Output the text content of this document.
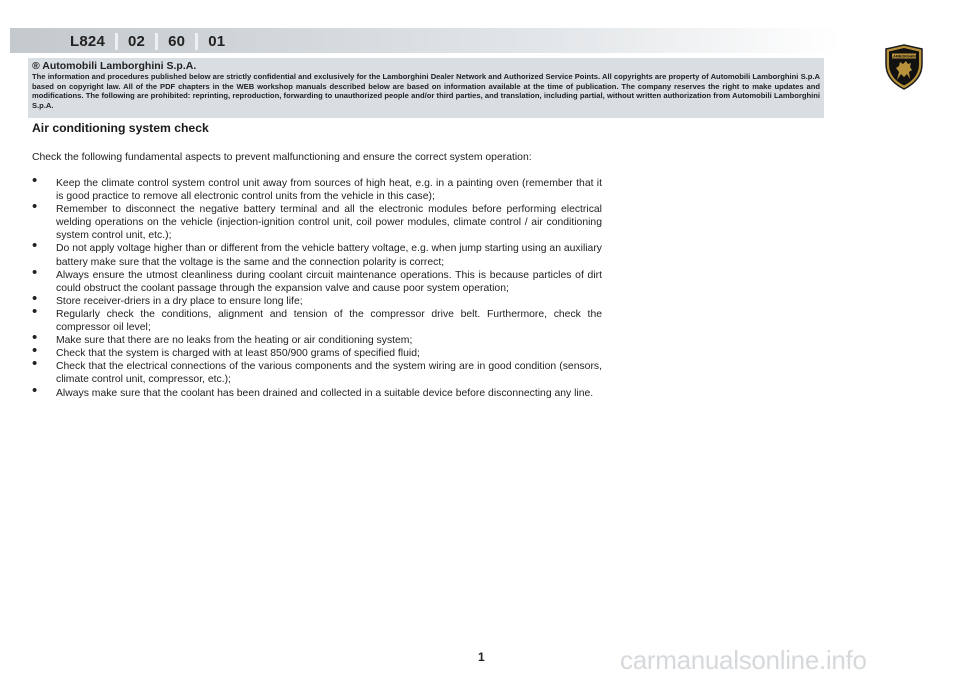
L824 02 60 01
LAMBORGHINI
® Automobili Lamborghini S.p.A.
The information and procedures published below are strictly confidential and exclusively for the Lamborghini Dealer Network and Authorized Service Points. All copyrights are property of Automobili Lamborghini S.p.A based on copyright law. All of the PDF chapters in the WEB workshop manuals described below are based on information available at the time of publication. The company reserves the right to make updates and modifications. The following are prohibited: reprinting, reproduction, forwarding to unauthorized people and/or third parties, and translation, including partial, without written authorization from Automobili Lamborghini S.p.A.
Air conditioning system check
Check the following fundamental aspects to prevent malfunctioning and ensure the correct system operation:
• Keep the climate control system control unit away from sources of high heat, e.g. in a painting oven (remember that it is good practice to remove all electronic control units from the vehicle in this case);
• Remember to disconnect the negative battery terminal and all the electronic modules before performing electrical welding operations on the vehicle (injection-ignition control unit, coil power modules, climate control / air conditioning system control unit, etc.);
• Do not apply voltage higher than or different from the vehicle battery voltage, e.g. when jump starting using an auxiliary battery make sure that the voltage is the same and the connection polarity is correct;
• Always ensure the utmost cleanliness during coolant circuit maintenance operations. This is because particles of dirt could obstruct the coolant passage through the expansion valve and cause poor system operation;
• Store receiver-driers in a dry place to ensure long life;
• Regularly check the conditions, alignment and tension of the compressor drive belt. Furthermore, check the compressor oil level;
• Make sure that there are no leaks from the heating or air conditioning system;
• Check that the system is charged with at least 850/900 grams of specified fluid;
• Check that the electrical connections of the various components and the system wiring are in good condition (sensors, climate control unit, compressor, etc.);
• Always make sure that the coolant has been drained and collected in a suitable device before disconnecting any line.
1	carmanualsonline.info
